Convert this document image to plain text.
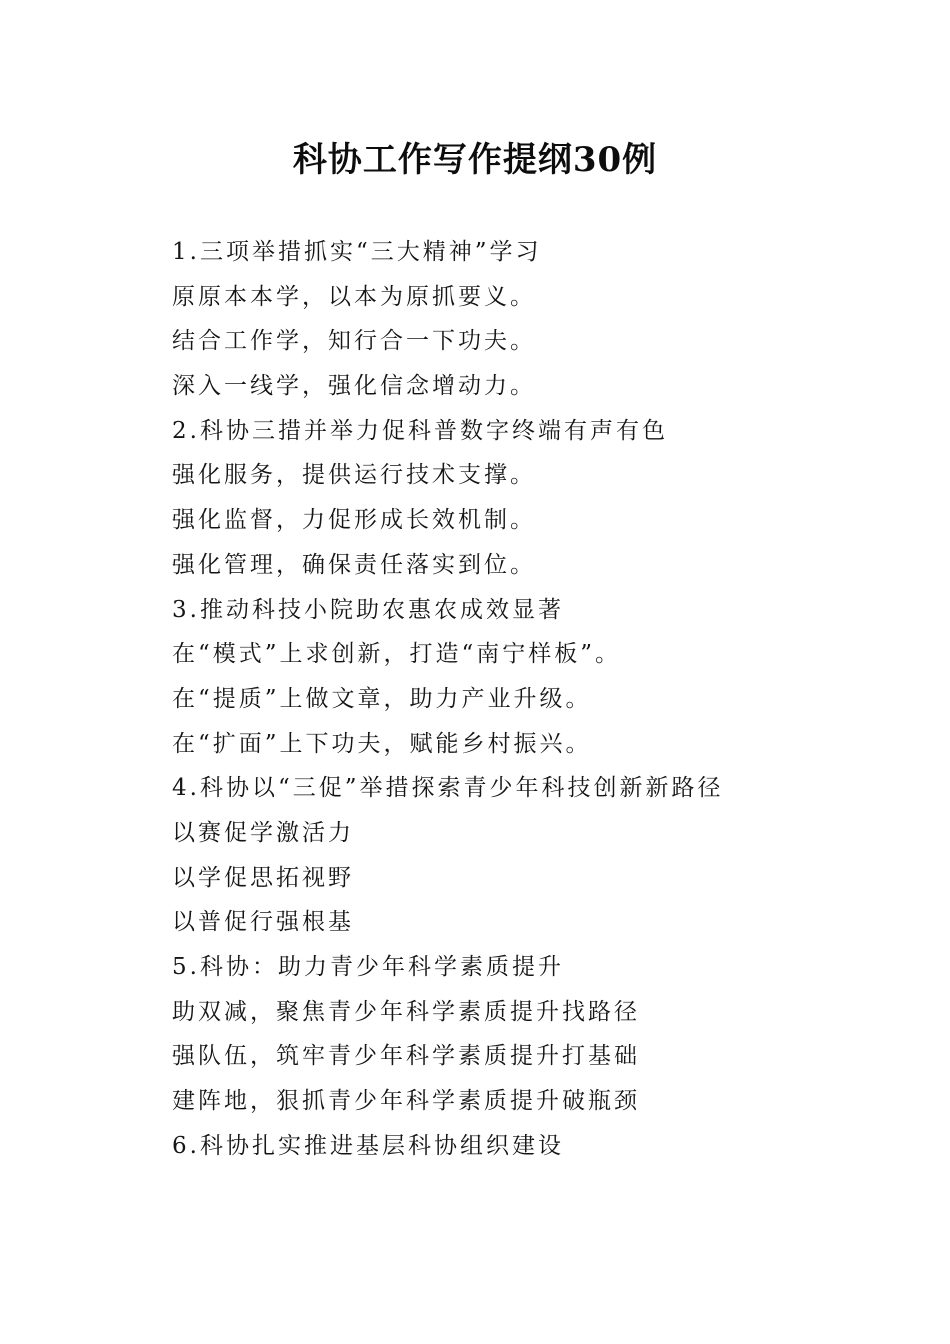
科协工作写作提纲30例
1.三项举措抓实“三大精神”学习
原原本本学，以本为原抓要义。
结合工作学，知行合一下功夫。
深入一线学，强化信念增动力。
2.科协三措并举力促科普数字终端有声有色
强化服务，提供运行技术支撑。
强化监督，力促形成长效机制。
强化管理，确保责任落实到位。
3.推动科技小院助农惠农成效显著
在“模式”上求创新，打造“南宁样板”。
在“提质”上做文章，助力产业升级。
在“扩面”上下功夫，赋能乡村振兴。
4.科协以“三促”举措探索青少年科技创新新路径
以赛促学激活力
以学促思拓视野
以普促行强根基
5.科协：助力青少年科学素质提升
助双减，聚焦青少年科学素质提升找路径
强队伍，筑牢青少年科学素质提升打基础
建阵地，狠抓青少年科学素质提升破瓶颈
6.科协扎实推进基层科协组织建设
